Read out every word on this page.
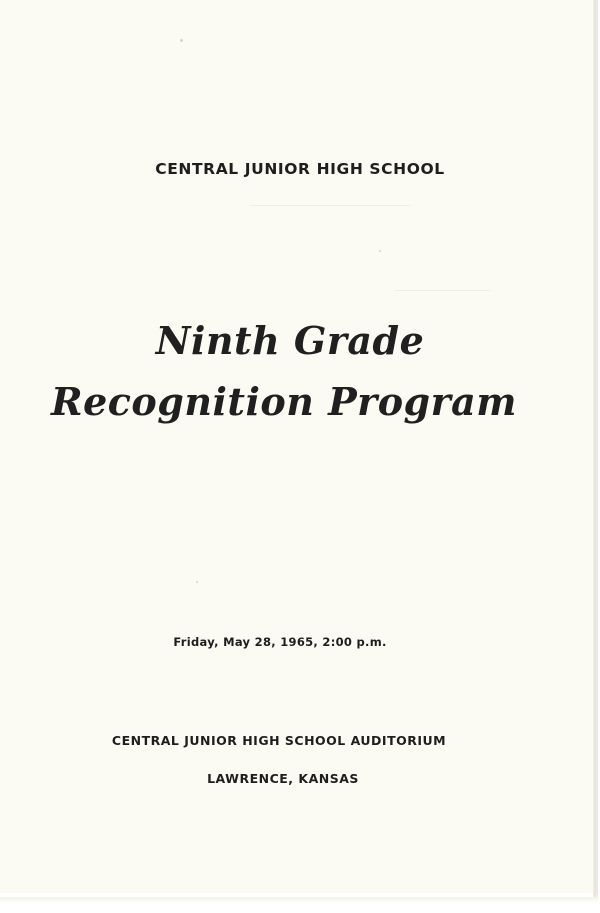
CENTRAL JUNIOR HIGH SCHOOL
Ninth Grade
Recognition Program
Friday, May 28, 1965, 2:00 p.m.
CENTRAL JUNIOR HIGH SCHOOL AUDITORIUM
LAWRENCE, KANSAS
